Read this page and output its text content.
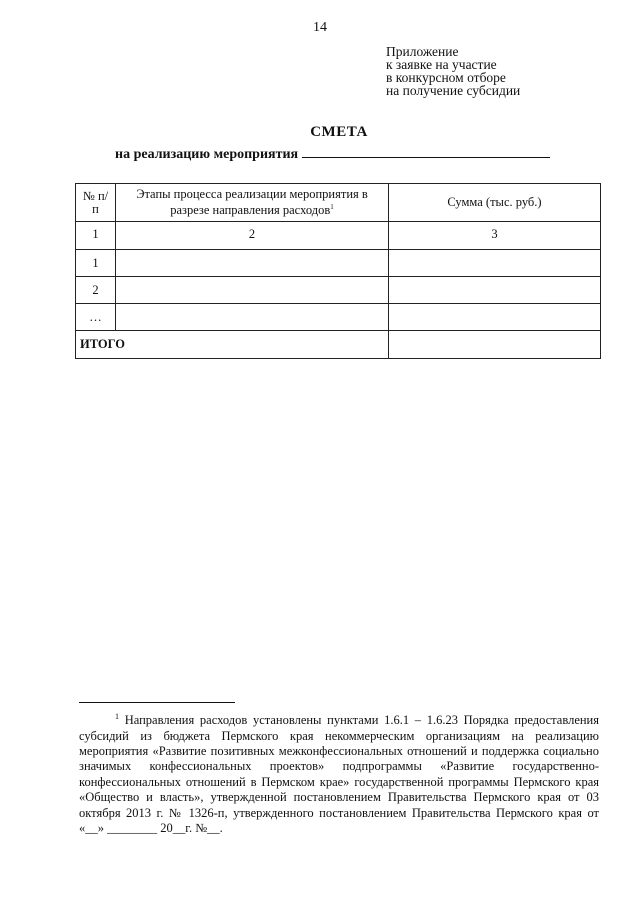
14
Приложение
к заявке на участие
в конкурсном отборе
на получение субсидии
СМЕТА
на реализацию мероприятия
№ п/п	Этапы процесса реализации мероприятия в разрезе направления расходов$^1$	Сумма (тыс. руб.)
1	2	3
1		
2		
…		
ИТОГО		
$^1$ Направления расходов установлены пунктами 1.6.1 – 1.6.23 Порядка предоставления субсидий из бюджета Пермского края некоммерческим организациям на реализацию мероприятия «Развитие позитивных межконфессиональных отношений и поддержка социально значимых конфессиональных проектов» подпрограммы «Развитие государственно-конфессиональных отношений в Пермском крае» государственной программы Пермского края «Общество и власть», утвержденной постановлением Правительства Пермского края от 03 октября 2013 г. № 1326-п, утвержденного постановлением Правительства Пермского края от «__» ________ 20__г. №__.
